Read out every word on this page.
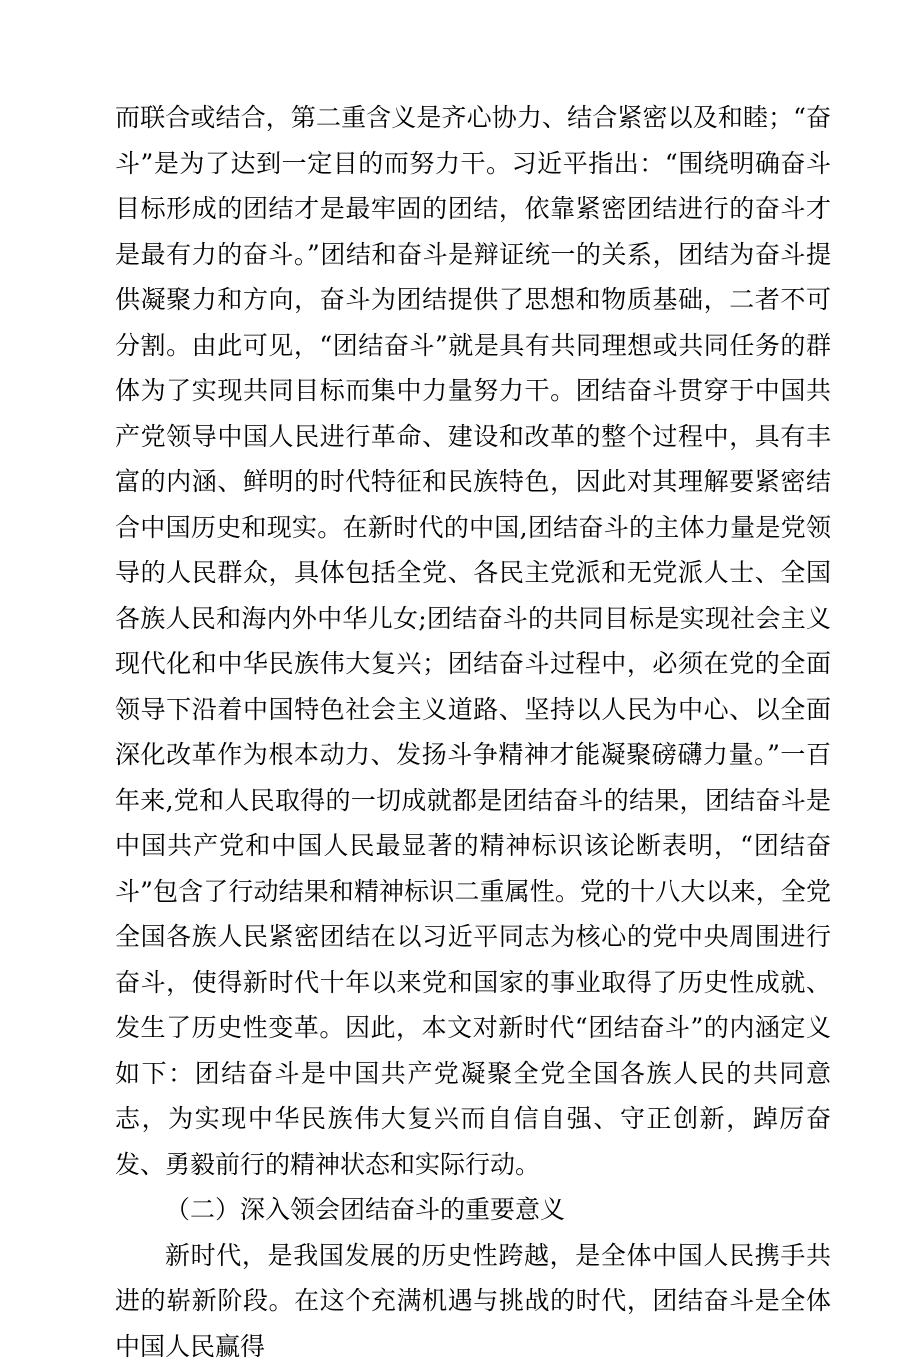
而联合或结合，第二重含义是齐心协力、结合紧密以及和睦；“奋斗”是为了达到一定目的而努力干。习近平指出：“围绕明确奋斗目标形成的团结才是最牢固的团结，依靠紧密团结进行的奋斗才是最有力的奋斗。”团结和奋斗是辩证统一的关系，团结为奋斗提供凝聚力和方向，奋斗为团结提供了思想和物质基础，二者不可分割。由此可见，“团结奋斗”就是具有共同理想或共同任务的群体为了实现共同目标而集中力量努力干。团结奋斗贯穿于中国共产党领导中国人民进行革命、建设和改革的整个过程中，具有丰富的内涵、鲜明的时代特征和民族特色，因此对其理解要紧密结合中国历史和现实。在新时代的中国,团结奋斗的主体力量是党领导的人民群众，具体包括全党、各民主党派和无党派人士、全国各族人民和海内外中华儿女;团结奋斗的共同目标是实现社会主义现代化和中华民族伟大复兴；团结奋斗过程中，必须在党的全面领导下沿着中国特色社会主义道路、坚持以人民为中心、以全面深化改革作为根本动力、发扬斗争精神才能凝聚磅礴力量。”一百年来,党和人民取得的一切成就都是团结奋斗的结果，团结奋斗是中国共产党和中国人民最显著的精神标识该论断表明，“团结奋斗”包含了行动结果和精神标识二重属性。党的十八大以来，全党全国各族人民紧密团结在以习近平同志为核心的党中央周围进行奋斗，使得新时代十年以来党和国家的事业取得了历史性成就、发生了历史性变革。因此，本文对新时代“团结奋斗”的内涵定义如下：团结奋斗是中国共产党凝聚全党全国各族人民的共同意志，为实现中华民族伟大复兴而自信自强、守正创新，踔厉奋发、勇毅前行的精神状态和实际行动。

（二）深入领会团结奋斗的重要意义

新时代，是我国发展的历史性跨越，是全体中国人民携手共进的崭新阶段。在这个充满机遇与挑战的时代，团结奋斗是全体中国人民赢得
